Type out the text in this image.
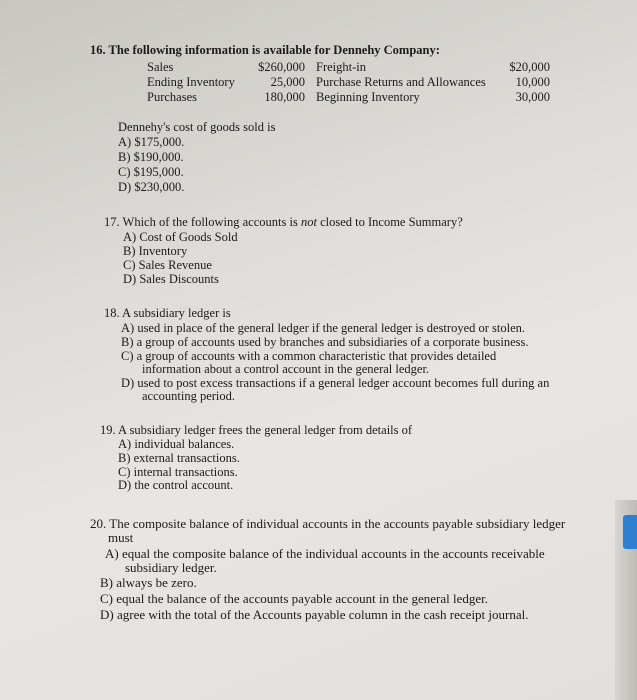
16. The following information is available for Dennehy Company:
Sales	$260,000 Freight-in	$20,000
Ending Inventory	25,000 Purchase Returns and Allowances	10,000
Purchases	180,000 Beginning Inventory	30,000
Dennehy's cost of goods sold is
A) $175,000.
B) $190,000.
C) $195,000.
D) $230,000.
17. Which of the following accounts is not closed to Income Summary?
A) Cost of Goods Sold
B) Inventory
C) Sales Revenue
D) Sales Discounts
18. A subsidiary ledger is
A) used in place of the general ledger if the general ledger is destroyed or stolen.
B) a group of accounts used by branches and subsidiaries of a corporate business.
C) a group of accounts with a common characteristic that provides detailed
information about a control account in the general ledger.
D) used to post excess transactions if a general ledger account becomes full during an
accounting period.
19. A subsidiary ledger frees the general ledger from details of
A) individual balances.
B) external transactions.
C) internal transactions.
D) the control account.
20. The composite balance of individual accounts in the accounts payable subsidiary ledger
must
A) equal the composite balance of the individual accounts in the accounts receivable
subsidiary ledger.
B) always be zero.
C) equal the balance of the accounts payable account in the general ledger.
D) agree with the total of the Accounts payable column in the cash receipt journal.
